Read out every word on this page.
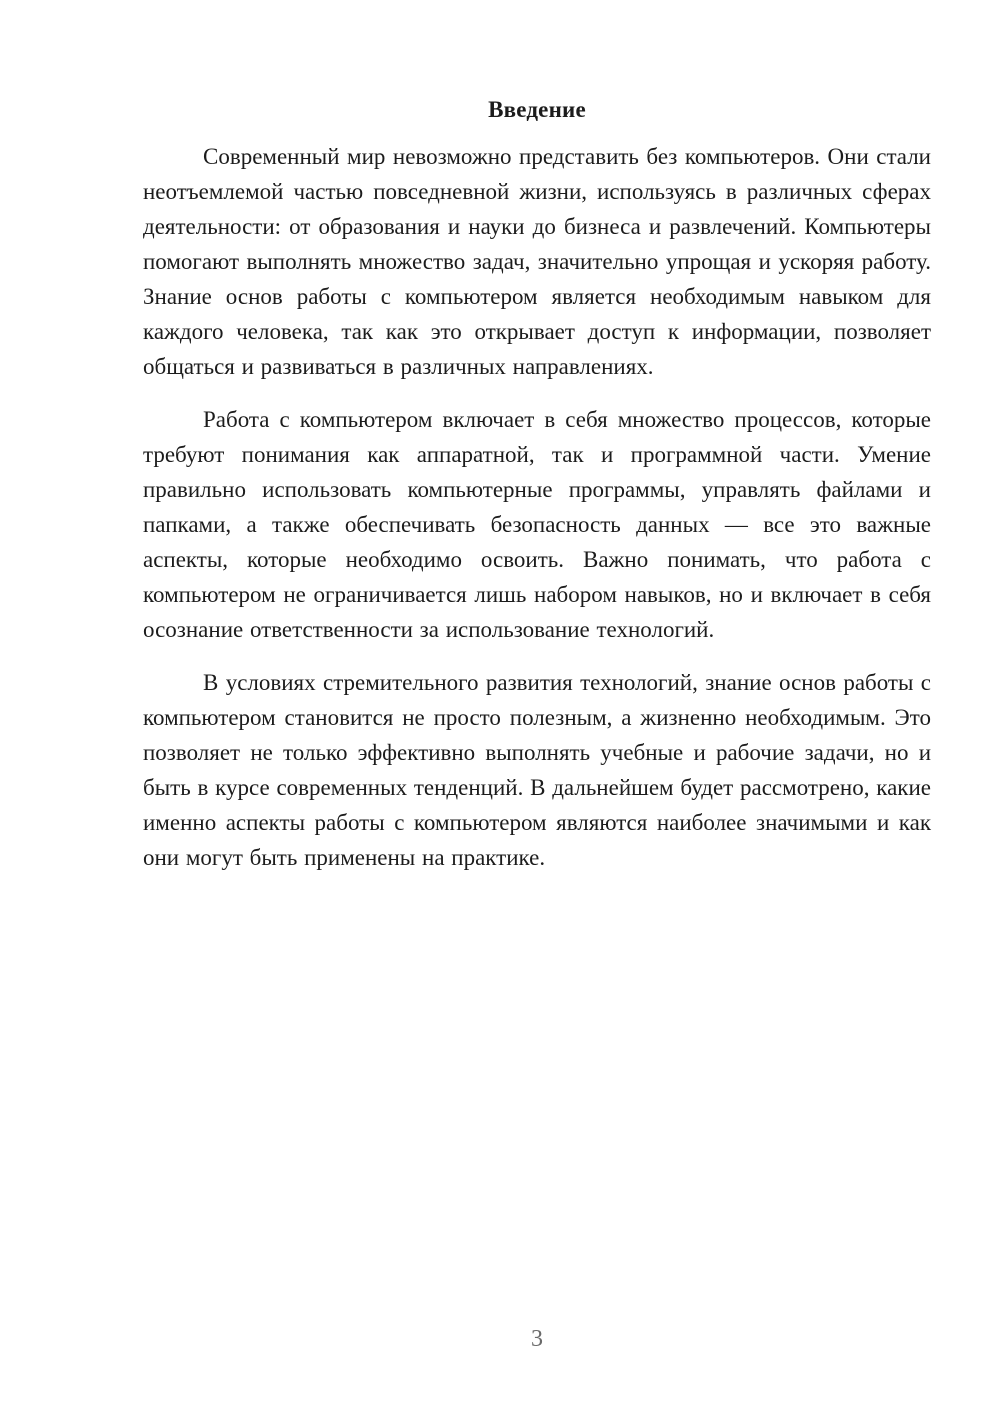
Введение

Современный мир невозможно представить без компьютеров. Они стали неотъемлемой частью повседневной жизни, используясь в различных сферах деятельности: от образования и науки до бизнеса и развлечений. Компьютеры помогают выполнять множество задач, значительно упрощая и ускоряя работу. Знание основ работы с компьютером является необходимым навыком для каждого человека, так как это открывает доступ к информации, позволяет общаться и развиваться в различных направлениях.

Работа с компьютером включает в себя множество процессов, которые требуют понимания как аппаратной, так и программной части. Умение правильно использовать компьютерные программы, управлять файлами и папками, а также обеспечивать безопасность данных — все это важные аспекты, которые необходимо освоить. Важно понимать, что работа с компьютером не ограничивается лишь набором навыков, но и включает в себя осознание ответственности за использование технологий.

В условиях стремительного развития технологий, знание основ работы с компьютером становится не просто полезным, а жизненно необходимым. Это позволяет не только эффективно выполнять учебные и рабочие задачи, но и быть в курсе современных тенденций. В дальнейшем будет рассмотрено, какие именно аспекты работы с компьютером являются наиболее значимыми и как они могут быть применены на практике.

3
